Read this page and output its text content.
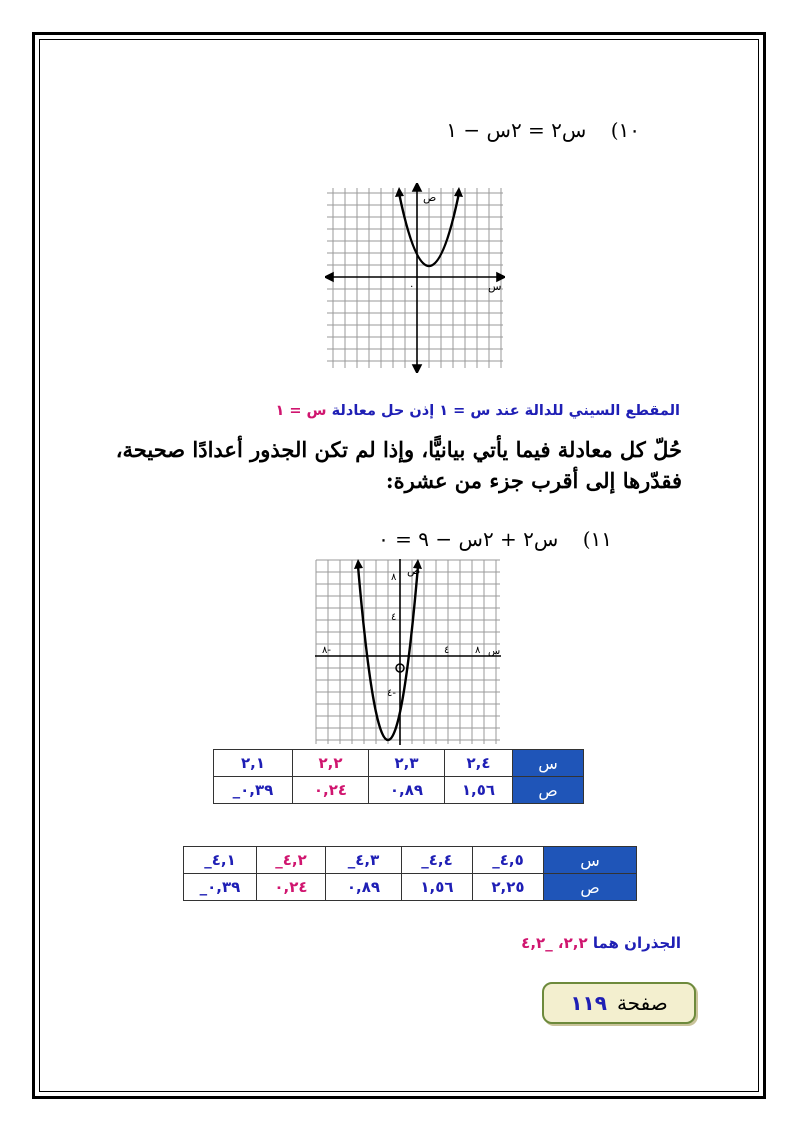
١٠) س٢ = ٢س − ١
ص
س
٠
المقطع السيني للدالة عند س = ١ إذن حل معادلة س = ١
حُلّ كل معادلة فيما يأتي بيانيًّا، وإذا لم تكن الجذور أعدادًا صحيحة،
فقدّرها إلى أقرب جزء من عشرة:
١١) س٢ + ٢س − ٩ = ٠
ص
٨
٤
٤-
٤	٨ س
٨-
س	٢,٤	٢,٣	٢,٢	٢,١
ص	١,٥٦	٠,٨٩	٠,٢٤	٠,٣٩_
س	٤,٥_	٤,٤_	٤,٣_	٤,٢_	٤,١_
ص	٢,٢٥	١,٥٦	٠,٨٩	٠,٢٤	٠,٣٩_
الجذران هما ٢,٢، _٤,٢
صفحة
١١٩
